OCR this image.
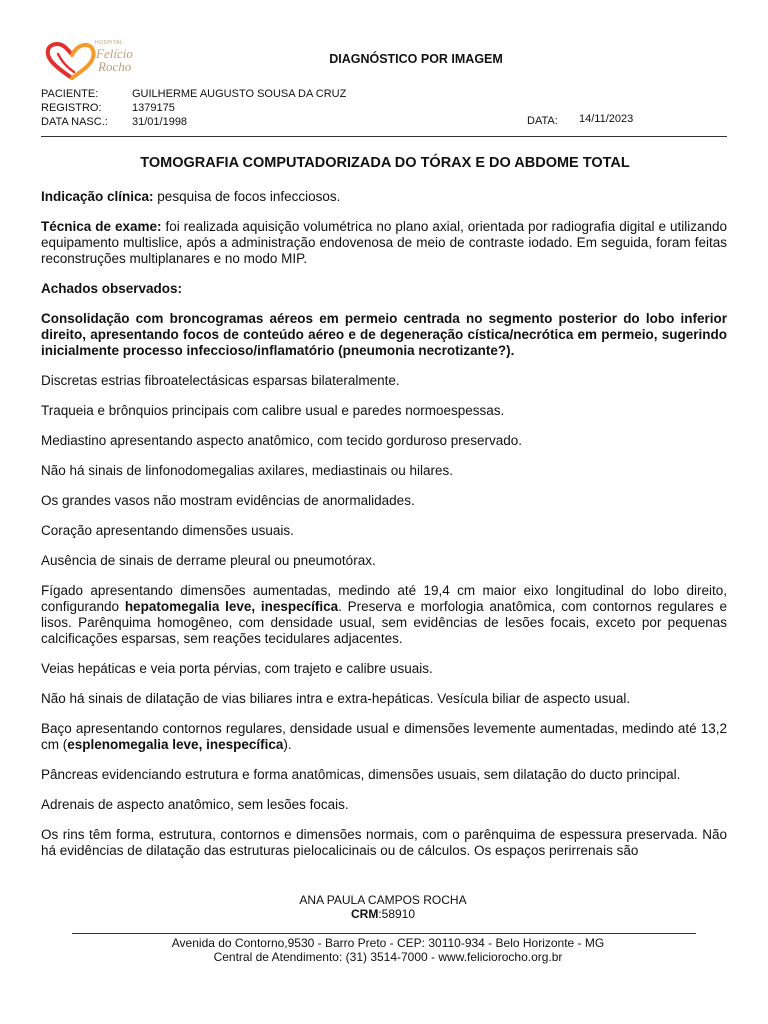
HOSPITAL
Felício
Rocho	DIAGNÓSTICO POR IMAGEM
PACIENTE:	GUILHERME AUGUSTO SOUSA DA CRUZ
REGISTRO:	1379175
DATA NASC.: 31/01/1998	DATA: 14/11/2023
TOMOGRAFIA COMPUTADORIZADA DO TÓRAX E DO ABDOME TOTAL

Indicação clínica: pesquisa de focos infecciosos.

Técnica de exame: foi realizada aquisição volumétrica no plano axial, orientada por radiografia digital e utilizando equipamento multislice, após a administração endovenosa de meio de contraste iodado. Em seguida, foram feitas reconstruções multiplanares e no modo MIP.

Achados observados:

Consolidação com broncogramas aéreos em permeio centrada no segmento posterior do lobo inferior direito, apresentando focos de conteúdo aéreo e de degeneração cística/necrótica em permeio, sugerindo inicialmente processo infeccioso/inflamatório (pneumonia necrotizante?).

Discretas estrias fibroatelectásicas esparsas bilateralmente.

Traqueia e brônquios principais com calibre usual e paredes normoespessas.

Mediastino apresentando aspecto anatômico, com tecido gorduroso preservado.

Não há sinais de linfonodomegalias axilares, mediastinais ou hilares.

Os grandes vasos não mostram evidências de anormalidades.

Coração apresentando dimensões usuais.

Ausência de sinais de derrame pleural ou pneumotórax.

Fígado apresentando dimensões aumentadas, medindo até 19,4 cm maior eixo longitudinal do lobo direito, configurando hepatomegalia leve, inespecífica. Preserva e morfologia anatômica, com contornos regulares e lisos. Parênquima homogêneo, com densidade usual, sem evidências de lesões focais, exceto por pequenas calcificações esparsas, sem reações tecidulares adjacentes.

Veias hepáticas e veia porta pérvias, com trajeto e calibre usuais.

Não há sinais de dilatação de vias biliares intra e extra-hepáticas. Vesícula biliar de aspecto usual.

Baço apresentando contornos regulares, densidade usual e dimensões levemente aumentadas, medindo até 13,2 cm (esplenomegalia leve, inespecífica).

Pâncreas evidenciando estrutura e forma anatômicas, dimensões usuais, sem dilatação do ducto principal.

Adrenais de aspecto anatômico, sem lesões focais.

Os rins têm forma, estrutura, contornos e dimensões normais, com o parênquima de espessura preservada. Não há evidências de dilatação das estruturas pielocalicinais ou de cálculos. Os espaços perirrenais são

ANA PAULA CAMPOS ROCHA
CRM:58910
Avenida do Contorno,9530 - Barro Preto - CEP: 30110-934 - Belo Horizonte - MG
Central de Atendimento: (31) 3514-7000 - www.feliciorocho.org.br
